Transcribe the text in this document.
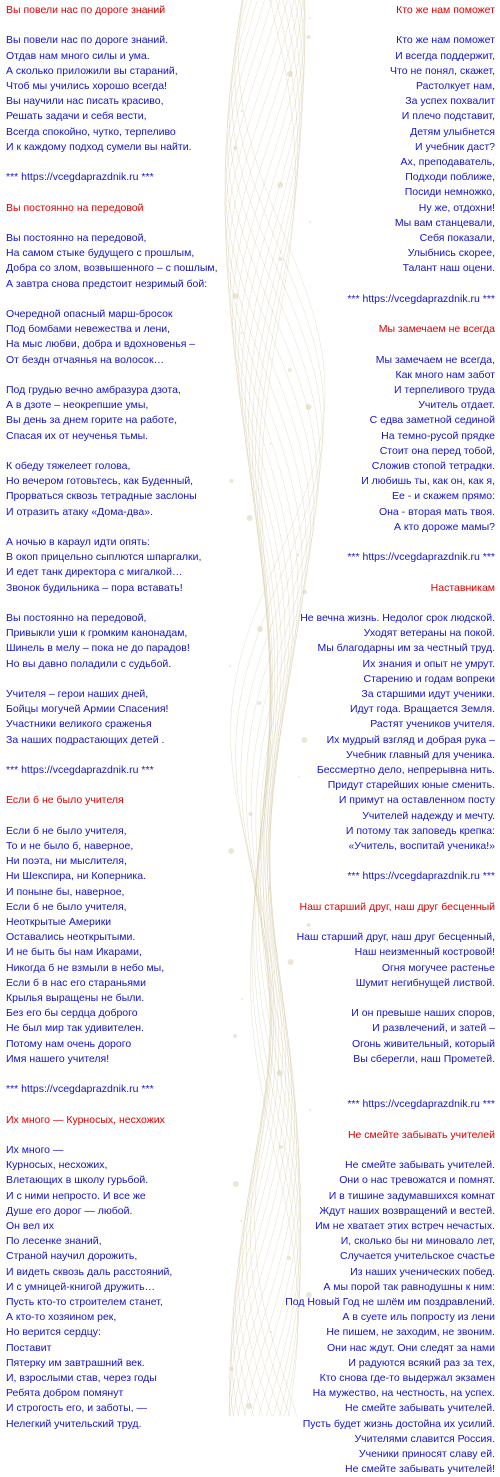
Вы повели нас по дороге знаний
Вы повели нас по дороге знаний.
Отдав нам много силы и ума.
А сколько приложили вы стараний,
Чтоб мы учились хорошо всегда!
Вы научили нас писать красиво,
Решать задачи и себя вести,
Всегда спокойно, чутко, терпеливо
И к каждому подход сумели вы найти.
*** https://vcegdaprazdnik.ru ***
Вы постоянно на передовой
Вы постоянно на передовой,
На самом стыке будущего с прошлым,
Добра со злом, возвышенного – с пошлым,
А завтра снова предстоит незримый бой:
Очередной опасный марш-бросок
Под бомбами невежества и лени,
На мыс любви, добра и вдохновенья –
От бездн отчаянья на волосок…
Под грудью вечно амбразура дзота,
А в дзоте – неокрепшие умы,
Вы день за днем горите на работе,
Спасая их от неученья тьмы.
К обеду тяжелеет голова,
Но вечером готовьтесь, как Буденный,
Прорваться сквозь тетрадные заслоны
И отразить атаку «Дома-два».
А ночью в караул идти опять:
В окоп прицельно сыплются шпаргалки,
И едет танк директора с мигалкой…
Звонок будильника – пора вставать!
Вы постоянно на передовой,
Привыкли уши к громким канонадам,
Шинель в мелу – пока не до парадов!
Но вы давно поладили с судьбой.
Учителя – герои наших дней,
Бойцы могучей Армии Спасения!
Участники великого сраженья
За наших подрастающих детей .
*** https://vcegdaprazdnik.ru ***
Если б не было учителя
Если б не было учителя,
То и не было б, наверное,
Ни поэта, ни мыслителя,
Ни Шекспира, ни Коперника.
И поныне бы, наверное,
Если б не было учителя,
Неоткрытые Америки
Оставались неоткрытыми.
И не быть бы нам Икарами,
Никогда б не взмыли в небо мы,
Если б в нас его стараньями
Крылья выращены не были.
Без его бы сердца доброго
Не был мир так удивителен.
Потому нам очень дорого
Имя нашего учителя!
*** https://vcegdaprazdnik.ru ***
Их много — Курносых, несхожих
Их много —
Курносых, несхожих,
Влетающих в школу гурьбой.
И с ними непросто. И все же
Душе его дорог — любой.
Он вел их
По лесенке знаний,
Страной научил дорожить,
И видеть сквозь даль расстояний,
И с умницей-книгой дружить…
Пусть кто-то строителем станет,
А кто-то хозяином рек,
Но верится сердцу:
Поставит
Пятерку им завтрашний век.
И, взрослыми став, через годы
Ребята добром помянут
И строгость его, и заботы, —
Нелегкий учительский труд.
Кто же нам поможет
Кто же нам поможет
И всегда поддержит,
Что не понял, скажет,
Растолкует нам,
За успех похвалит
И плечо подставит,
Детям улыбнется
И учебник даст?
Ах, преподаватель,
Подходи поближе,
Посиди немножко,
Ну же, отдохни!
Мы вам станцевали,
Себя показали,
Улыбнись скорее,
Талант наш оцени.
*** https://vcegdaprazdnik.ru ***
Мы замечаем не всегда
Мы замечаем не всегда,
Как много нам забот
И терпеливого труда
Учитель отдает.
С едва заметной сединой
На темно-русой прядке
Стоит она перед тобой,
Сложив стопой тетрадки.
И любишь ты, как он, как я,
Ее - и скажем прямо:
Она - вторая мать твоя.
А кто дороже мамы?
*** https://vcegdaprazdnik.ru ***
Наставникам
Не вечна жизнь. Недолог срок людской.
Уходят ветераны на покой.
Мы благодарны им за честный труд.
Их знания и опыт не умрут.
Старению и годам вопреки
За старшими идут ученики.
Идут года. Вращается Земля.
Растят учеников учителя.
Их мудрый взгляд и добрая рука –
Учебник главный для ученика.
Бессмертно дело, непрерывна нить.
Придут старейших юные сменить.
И примут на оставленном посту
Учителей надежду и мечту.
И потому так заповедь крепка:
«Учитель, воспитай ученика!»
*** https://vcegdaprazdnik.ru ***
Наш старший друг, наш друг бесценный
Наш старший друг, наш друг бесценный,
Наш неизменный костровой!
Огня могучее растенье
Шумит негибнущей листвой.
И он превыше наших споров,
И развлечений, и затей –
Огонь живительный, который
Вы сберегли, наш Прометей.
*** https://vcegdaprazdnik.ru ***
Не смейте забывать учителей
Не смейте забывать учителей.
Они о нас тревожатся и помнят.
И в тишине задумавшихся комнат
Ждут наших возвращений и вестей.
Им не хватает этих встреч нечастых.
И, сколько бы ни миновало лет,
Случается учительское счастье
Из наших ученических побед.
А мы порой так равнодушны к ним:
Под Новый Год не шлём им поздравлений.
А в суете иль попросту из лени
Не пишем, не заходим, не звоним.
Они нас ждут. Они следят за нами
И радуются всякий раз за тех,
Кто снова где-то выдержал экзамен
На мужество, на честность, на успех.
Не смейте забывать учителей.
Пусть будет жизнь достойна их усилий.
Учителями славится Россия.
Ученики приносят славу ей.
Не смейте забывать учителей!
